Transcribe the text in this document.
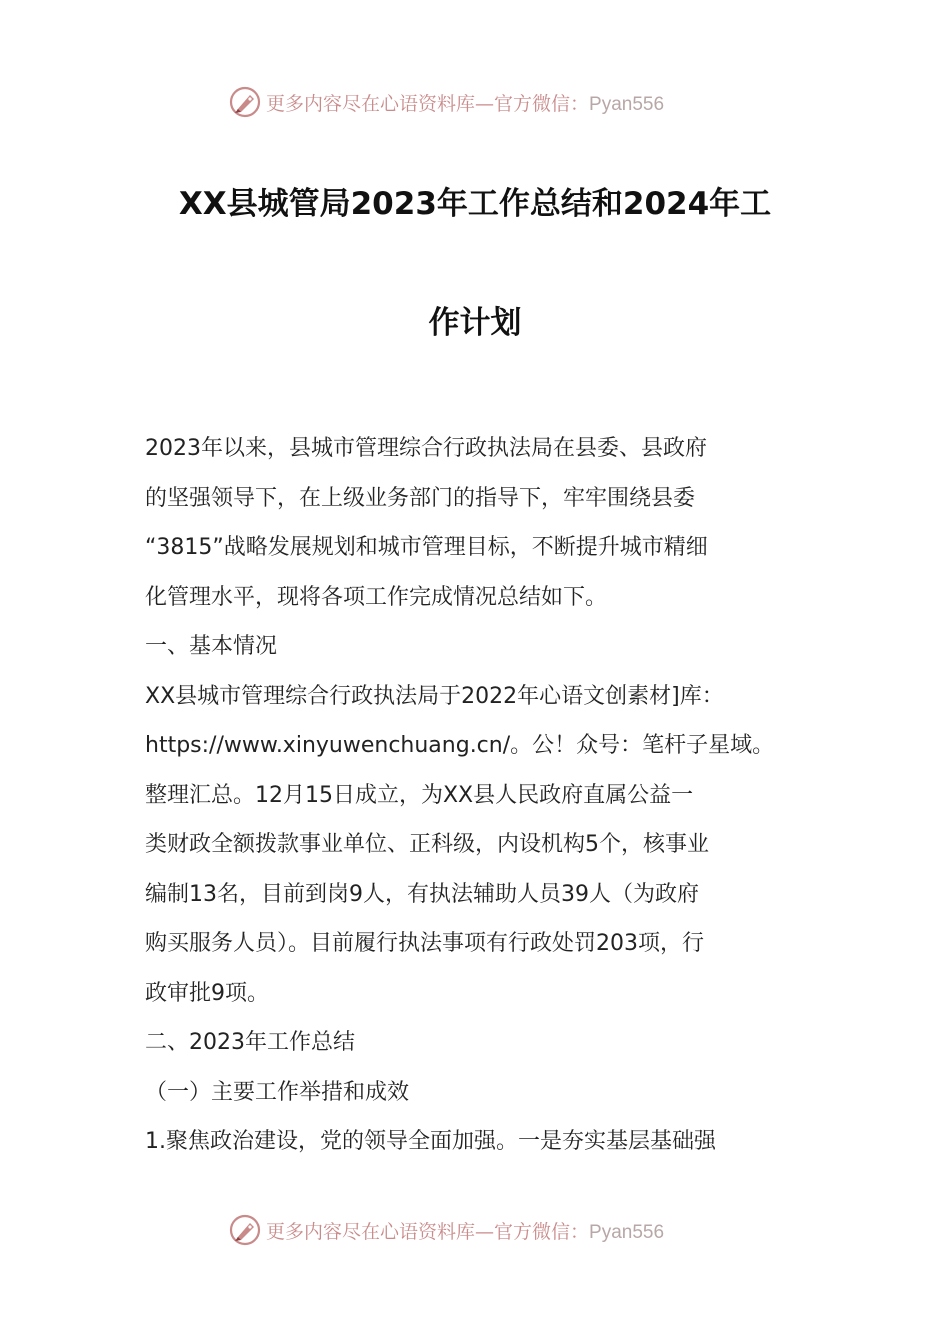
更多内容尽在心语资料库—官方微信：Pyan556
XX县城管局2023年工作总结和2024年工
作计划

2023年以来，县城市管理综合行政执法局在县委、县政府

的坚强领导下，在上级业务部门的指导下，牢牢围绕县委

“3815”战略发展规划和城市管理目标，不断提升城市精细

化管理水平，现将各项工作完成情况总结如下。

一、基本情况

XX县城市管理综合行政执法局于2022年心语文创素材]库：

https://www.xinyuwenchuang.cn/。公！众号：笔杆子星域。

整理汇总。12月15日成立，为XX县人民政府直属公益一

类财政全额拨款事业单位、正科级，内设机构5个，核事业

编制13名，目前到岗9人，有执法辅助人员39人（为政府

购买服务人员）。目前履行执法事项有行政处罚203项，行

政审批9项。

二、2023年工作总结

（一）主要工作举措和成效

1.聚焦政治建设，党的领导全面加强。一是夯实基层基础强

更多内容尽在心语资料库—官方微信：Pyan556
